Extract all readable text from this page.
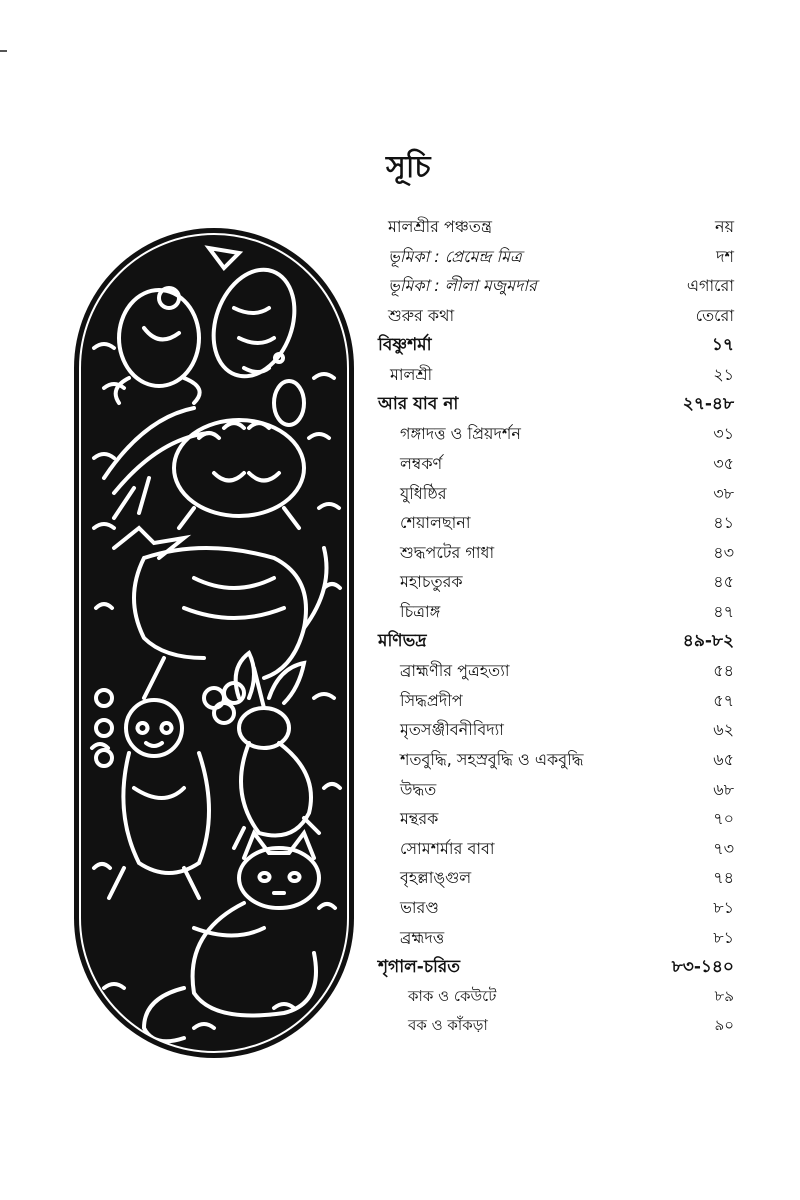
সূচি
মালশ্রীর পঞ্চতন্ত্র	নয়
ভূমিকা : প্রেমেন্দ্র মিত্র	দশ
ভূমিকা : লীলা মজুমদার	এগারো
শুরুর কথা	তেরো
বিষ্ণুশর্মা	১৭
মালশ্রী	২১
আর যাব না	২৭-৪৮
গঙ্গাদত্ত ও প্রিয়দর্শন	৩১
লম্বকর্ণ	৩৫
যুধিষ্ঠির	৩৮
শেয়ালছানা	৪১
শুদ্ধপটের গাধা	৪৩
মহাচতুরক	৪৫
চিত্রাঙ্গ	৪৭
মণিভদ্র	৪৯-৮২
ব্রাহ্মণীর পুত্রহত্যা	৫৪
সিদ্ধপ্রদীপ	৫৭
মৃতসঞ্জীবনীবিদ্যা	৬২
শতবুদ্ধি, সহস্রবুদ্ধি ও একবুদ্ধি	৬৫
উদ্ধত	৬৮
মন্থরক	৭০
সোমশর্মার বাবা	৭৩
বৃহল্লাঙ্গুল	৭৪
ভারণ্ড	৮১
ব্রহ্মদত্ত	৮১
শৃগাল-চরিত	৮৩-১৪০
কাক ও কেউটে	৮৯
বক ও কাঁকড়া	৯০
